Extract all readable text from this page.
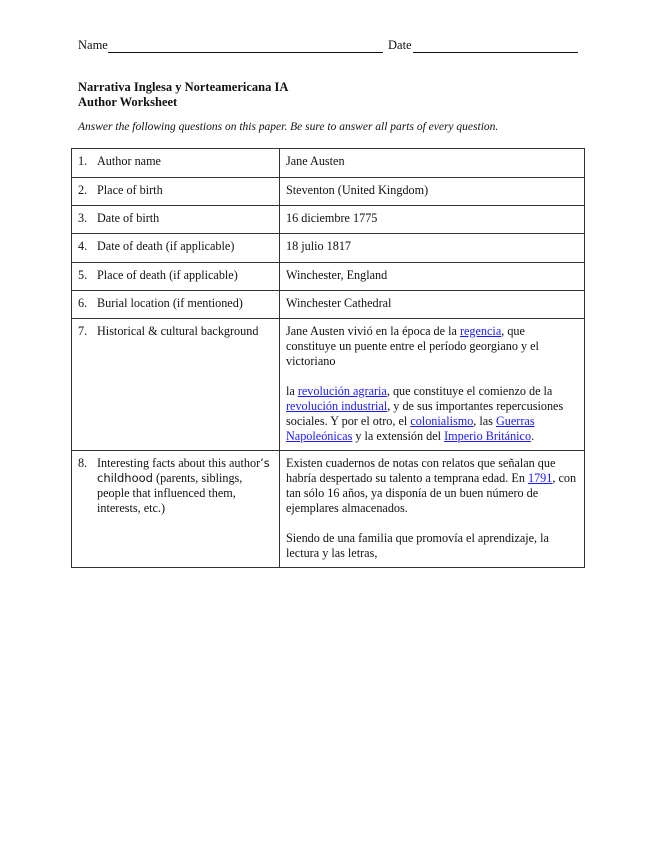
Name	Date
Narrativa Inglesa y Norteamericana IA
Author Worksheet
Answer the following questions on this paper. Be sure to answer all parts of every question.
1. Author name	Jane Austen
2. Place of birth	Steventon (United Kingdom)
3. Date of birth	16 diciembre 1775
4. Date of death (if applicable)	18 julio 1817
5. Place of death (if applicable)	Winchester, England
6. Burial location (if mentioned)	Winchester Cathedral
7. Historical & cultural background	Jane Austen vivió en la época de la regencia, que constituye un puente entre el período georgiano y el victoriano

la revolución agraria, que constituye el comienzo de la revolución industrial, y de sus importantes repercusiones sociales. Y por el otro, el colonialismo, las Guerras Napoleónicas y la extensión del Imperio Británico.

8. Interesting facts about this author’s childhood (parents, siblings, people that influenced them, interests, etc.)	Existen cuadernos de notas con relatos que señalan que habría despertado su talento a temprana edad. En 1791, con tan sólo 16 años, ya disponía de un buen número de ejemplares almacenados.

Siendo de una familia que promovía el aprendizaje, la lectura y las letras,
